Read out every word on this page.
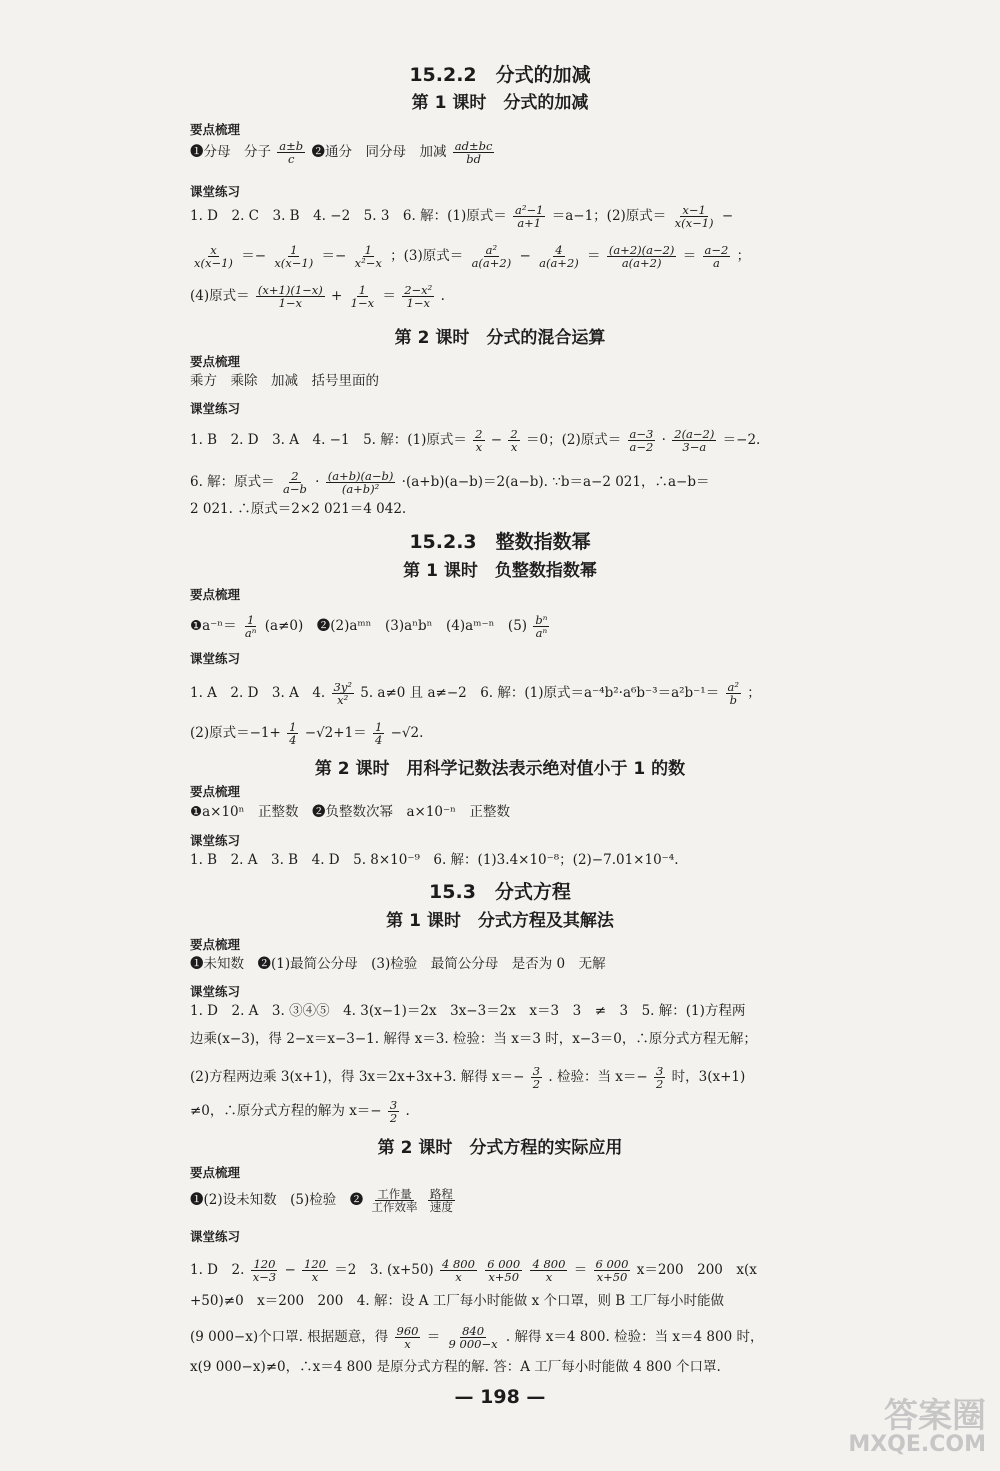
15.2.2　分式的加减
第 1 课时　分式的加减
要点梳理
❶分母　分子 $\frac{a\pm b}{c}$ ❷通分　同分母　加减 $\frac{ad\pm bc}{bd}$
课堂练习
1. D　2. C　3. B　4. −2　5. 3　6. 解：(1)原式＝ $\frac{\text{a²−1}}{a+1} =a-1$；(2)原式＝ $\frac{x-1}{x(x-1)}$ −
$\frac{x}{x(x-1)} =- \frac{1}{x(x-1)} =- \frac{1}{\text{x²−x}}$ ；(3)原式＝ $\frac{\text{a²}}{a(a+2)} - \frac{4}{a(a+2)} = \frac{(a+2)(a-2)}{a(a+2)} = \frac{a-2}{a}$ ；
(4)原式＝ $\frac{(x+1)(1-x)}{1-x} + \frac{1}{1-x} = \frac{\text{2−x²}}{1-x}$ .
第 2 课时　分式的混合运算
要点梳理
乘方　乘除　加减　括号里面的
课堂练习
1. B　2. D　3. A　4. −1　5. 解：(1)原式＝ $\frac{2}{x} - \frac{2}{x} =0$；(2)原式＝ $\frac{a-3}{a-2} \cdot \frac{2(a-2)}{3-a} =-2$.
6. 解：原式＝ $\frac{2}{a-b} \cdot \frac{(a+b)(a-b)}{\text{(a+b)²}} \cdot(a+b)(a-b)=2(a-b)$. ∵b＝a−2 021，∴a−b＝
2 021. ∴原式＝2×2 021＝4 042.
15.2.3　整数指数幂
第 1 课时　负整数指数幂
要点梳理
❶a⁻ⁿ＝ $\frac{1}{\text{aⁿ}} (a\ne 0)$　❷(2)aᵐⁿ　(3)aⁿbⁿ　(4)aᵐ⁻ⁿ　$(5) \frac{\text{bⁿ}}{\text{aⁿ}}$
课堂练习
1. A　2. D　3. A　4. $\frac{\text{3y²}}{\text{x²}} 5$. a≠0 且 a≠−2　6. 解：(1)原式$=a^{-4}b^2\cdot a^6b^{-3}=a^2b^{-1}= \frac{\text{a²}}{b}$ ；
(2)原式$=-1+ \frac{1}{4} -√2+1= \frac{1}{4} -√2$.
第 2 课时　用科学记数法表示绝对值小于 1 的数
要点梳理
❶a×10ⁿ　正整数　❷负整数次幂　a×10⁻ⁿ　正整数
课堂练习
1. B　2. A　3. B　4. D　5. 8×10⁻⁹　6. 解：(1)3.4×10⁻⁸；(2)−7.01×10⁻⁴.
15.3　分式方程
第 1 课时　分式方程及其解法
要点梳理
❶未知数　❷(1)最简公分母　(3)检验　最简公分母　是否为 0　无解
课堂练习
1. D　2. A　3. ③④⑤　4. 3(x−1)＝2x　3x−3＝2x　x＝3　3　≠　3　5. 解：(1)方程两
边乘(x−3)，得 2−x＝x−3−1. 解得 x＝3. 检验：当 x＝3 时，x−3＝0，∴原分式方程无解；
(2)方程两边乘 3(x+1)，得 3x＝2x+3x+3. 解得 $x=- \frac{3}{2}$ . 检验：当 $x=- \frac{3}{2}$ 时，3(x+1)
≠0，∴原分式方程的解为 $x=- \frac{3}{2}$ .
第 2 课时　分式方程的实际应用
要点梳理
❶(2)设未知数　(5)检验　❷ 工作量
工作效率

路程
速度
课堂练习
1. D　2. $\frac{120}{x-3} - \frac{120}{x} =2$　3. $(x+50) \frac{4 800}{x}$
$\frac{6 000}{x+50}$
$\frac{4 800}{x} = \frac{6 000}{x+50} x=200$　200　x(x
+50)≠0　x＝200　200　4. 解：设 A 工厂每小时能做 x 个口罩，则 B 工厂每小时能做
(9 000−x)个口罩. 根据题意，得 $\frac{960}{x} = \frac{840}{9 000-x}$ . 解得 x＝4 800. 检验：当 x＝4 800 时，
x(9 000−x)≠0，∴x＝4 800 是原分式方程的解. 答：A 工厂每小时能做 4 800 个口罩.
— 198 —	答案圈
MXQE.COM
